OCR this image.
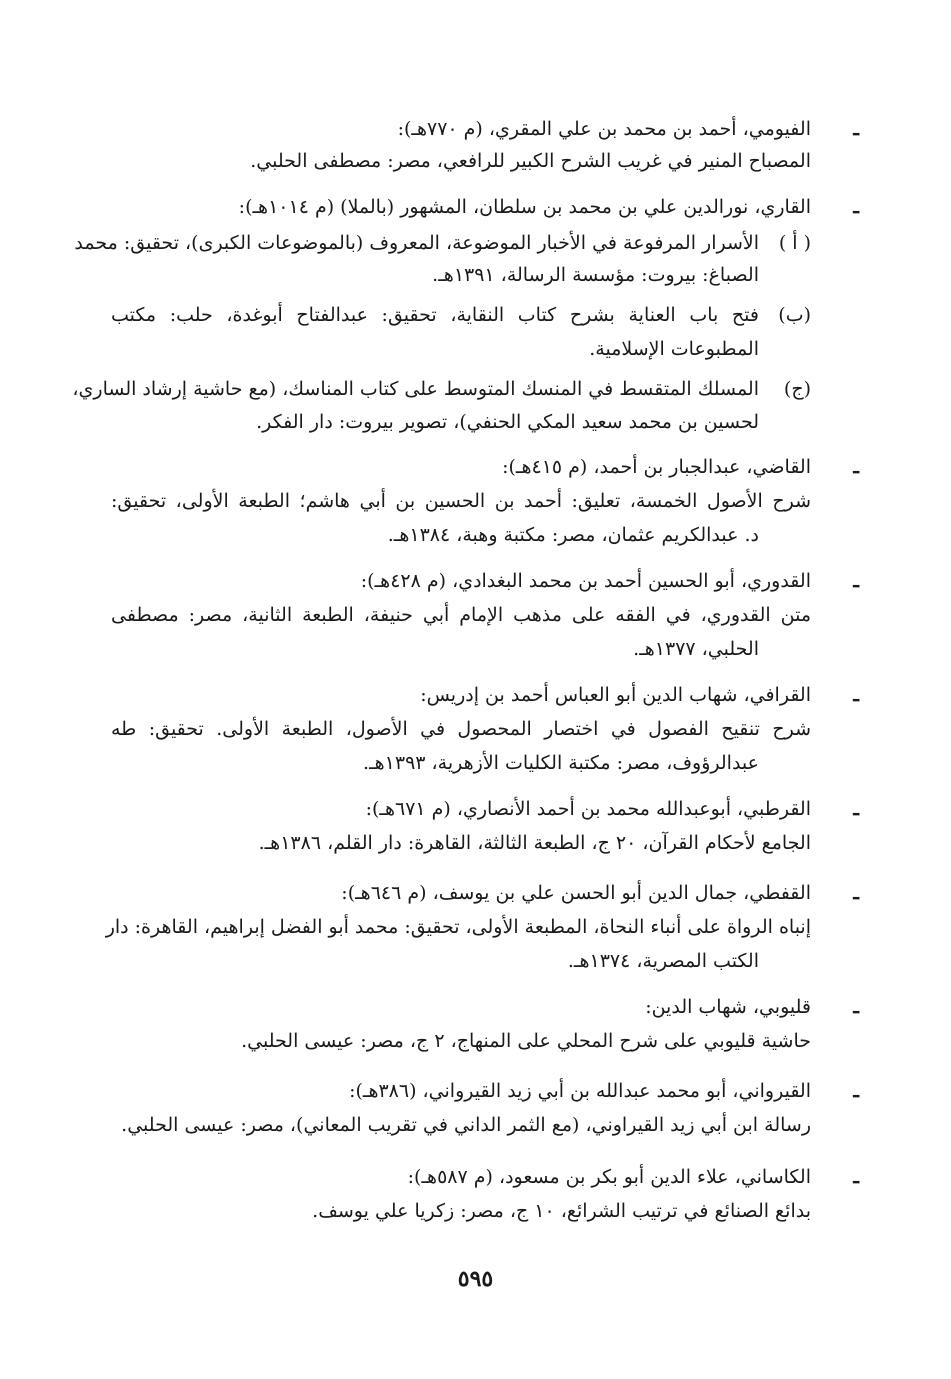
ـ
الفيومي، أحمد بن محمد بن علي المقري، (م ٧٧٠هـ):
المصباح المنير في غريب الشرح الكبير للرافعي، مصر: مصطفى الحلبي.
ـ
القاري، نورالدين علي بن محمد بن سلطان، المشهور (بالملا) (م ١٠١٤هـ):
( أ )
الأسرار المرفوعة في الأخبار الموضوعة، المعروف (بالموضوعات الكبرى)، تحقيق: محمد
الصباغ: بيروت: مؤسسة الرسالة، ١٣٩١هـ.
(ب)
فتح باب العناية بشرح كتاب النقاية، تحقيق: عبدالفتاح أبوغدة، حلب: مكتب
المطبوعات الإسلامية.
(ج)
المسلك المتقسط في المنسك المتوسط على كتاب المناسك، (مع حاشية إرشاد الساري،
لحسين بن محمد سعيد المكي الحنفي)، تصوير بيروت: دار الفكر.
ـ
القاضي، عبدالجبار بن أحمد، (م ٤١٥هـ):
شرح الأصول الخمسة، تعليق: أحمد بن الحسين بن أبي هاشم؛ الطبعة الأولى، تحقيق:
د. عبدالكريم عثمان، مصر: مكتبة وهبة، ١٣٨٤هـ.
ـ
القدوري، أبو الحسين أحمد بن محمد البغدادي، (م ٤٢٨هـ):
متن القدوري، في الفقه على مذهب الإمام أبي حنيفة، الطبعة الثانية، مصر: مصطفى
الحلبي، ١٣٧٧هـ.
ـ
القرافي، شهاب الدين أبو العباس أحمد بن إدريس:
شرح تنقيح الفصول في اختصار المحصول في الأصول، الطبعة الأولى. تحقيق: طه
عبدالرؤوف، مصر: مكتبة الكليات الأزهرية، ١٣٩٣هـ.
ـ
القرطبي، أبوعبدالله محمد بن أحمد الأنصاري، (م ٦٧١هـ):
الجامع لأحكام القرآن، ٢٠ ج، الطبعة الثالثة، القاهرة: دار القلم، ١٣٨٦هـ.
ـ
القفطي، جمال الدين أبو الحسن علي بن يوسف، (م ٦٤٦هـ):
إنباه الرواة على أنباء النحاة، المطبعة الأولى، تحقيق: محمد أبو الفضل إبراهيم، القاهرة: دار
الكتب المصرية، ١٣٧٤هـ.
ـ
قليوبي، شهاب الدين:
حاشية قليوبي على شرح المحلي على المنهاج، ٢ ج، مصر: عيسى الحلبي.
ـ
القيرواني، أبو محمد عبدالله بن أبي زيد القيرواني، (٣٨٦هـ):
رسالة ابن أبي زيد القيراوني، (مع الثمر الداني في تقريب المعاني)، مصر: عيسى الحلبي.
ـ
الكاساني، علاء الدين أبو بكر بن مسعود، (م ٥٨٧هـ):
بدائع الصنائع في ترتيب الشرائع، ١٠ ج، مصر: زكريا علي يوسف.
٥٩٥
